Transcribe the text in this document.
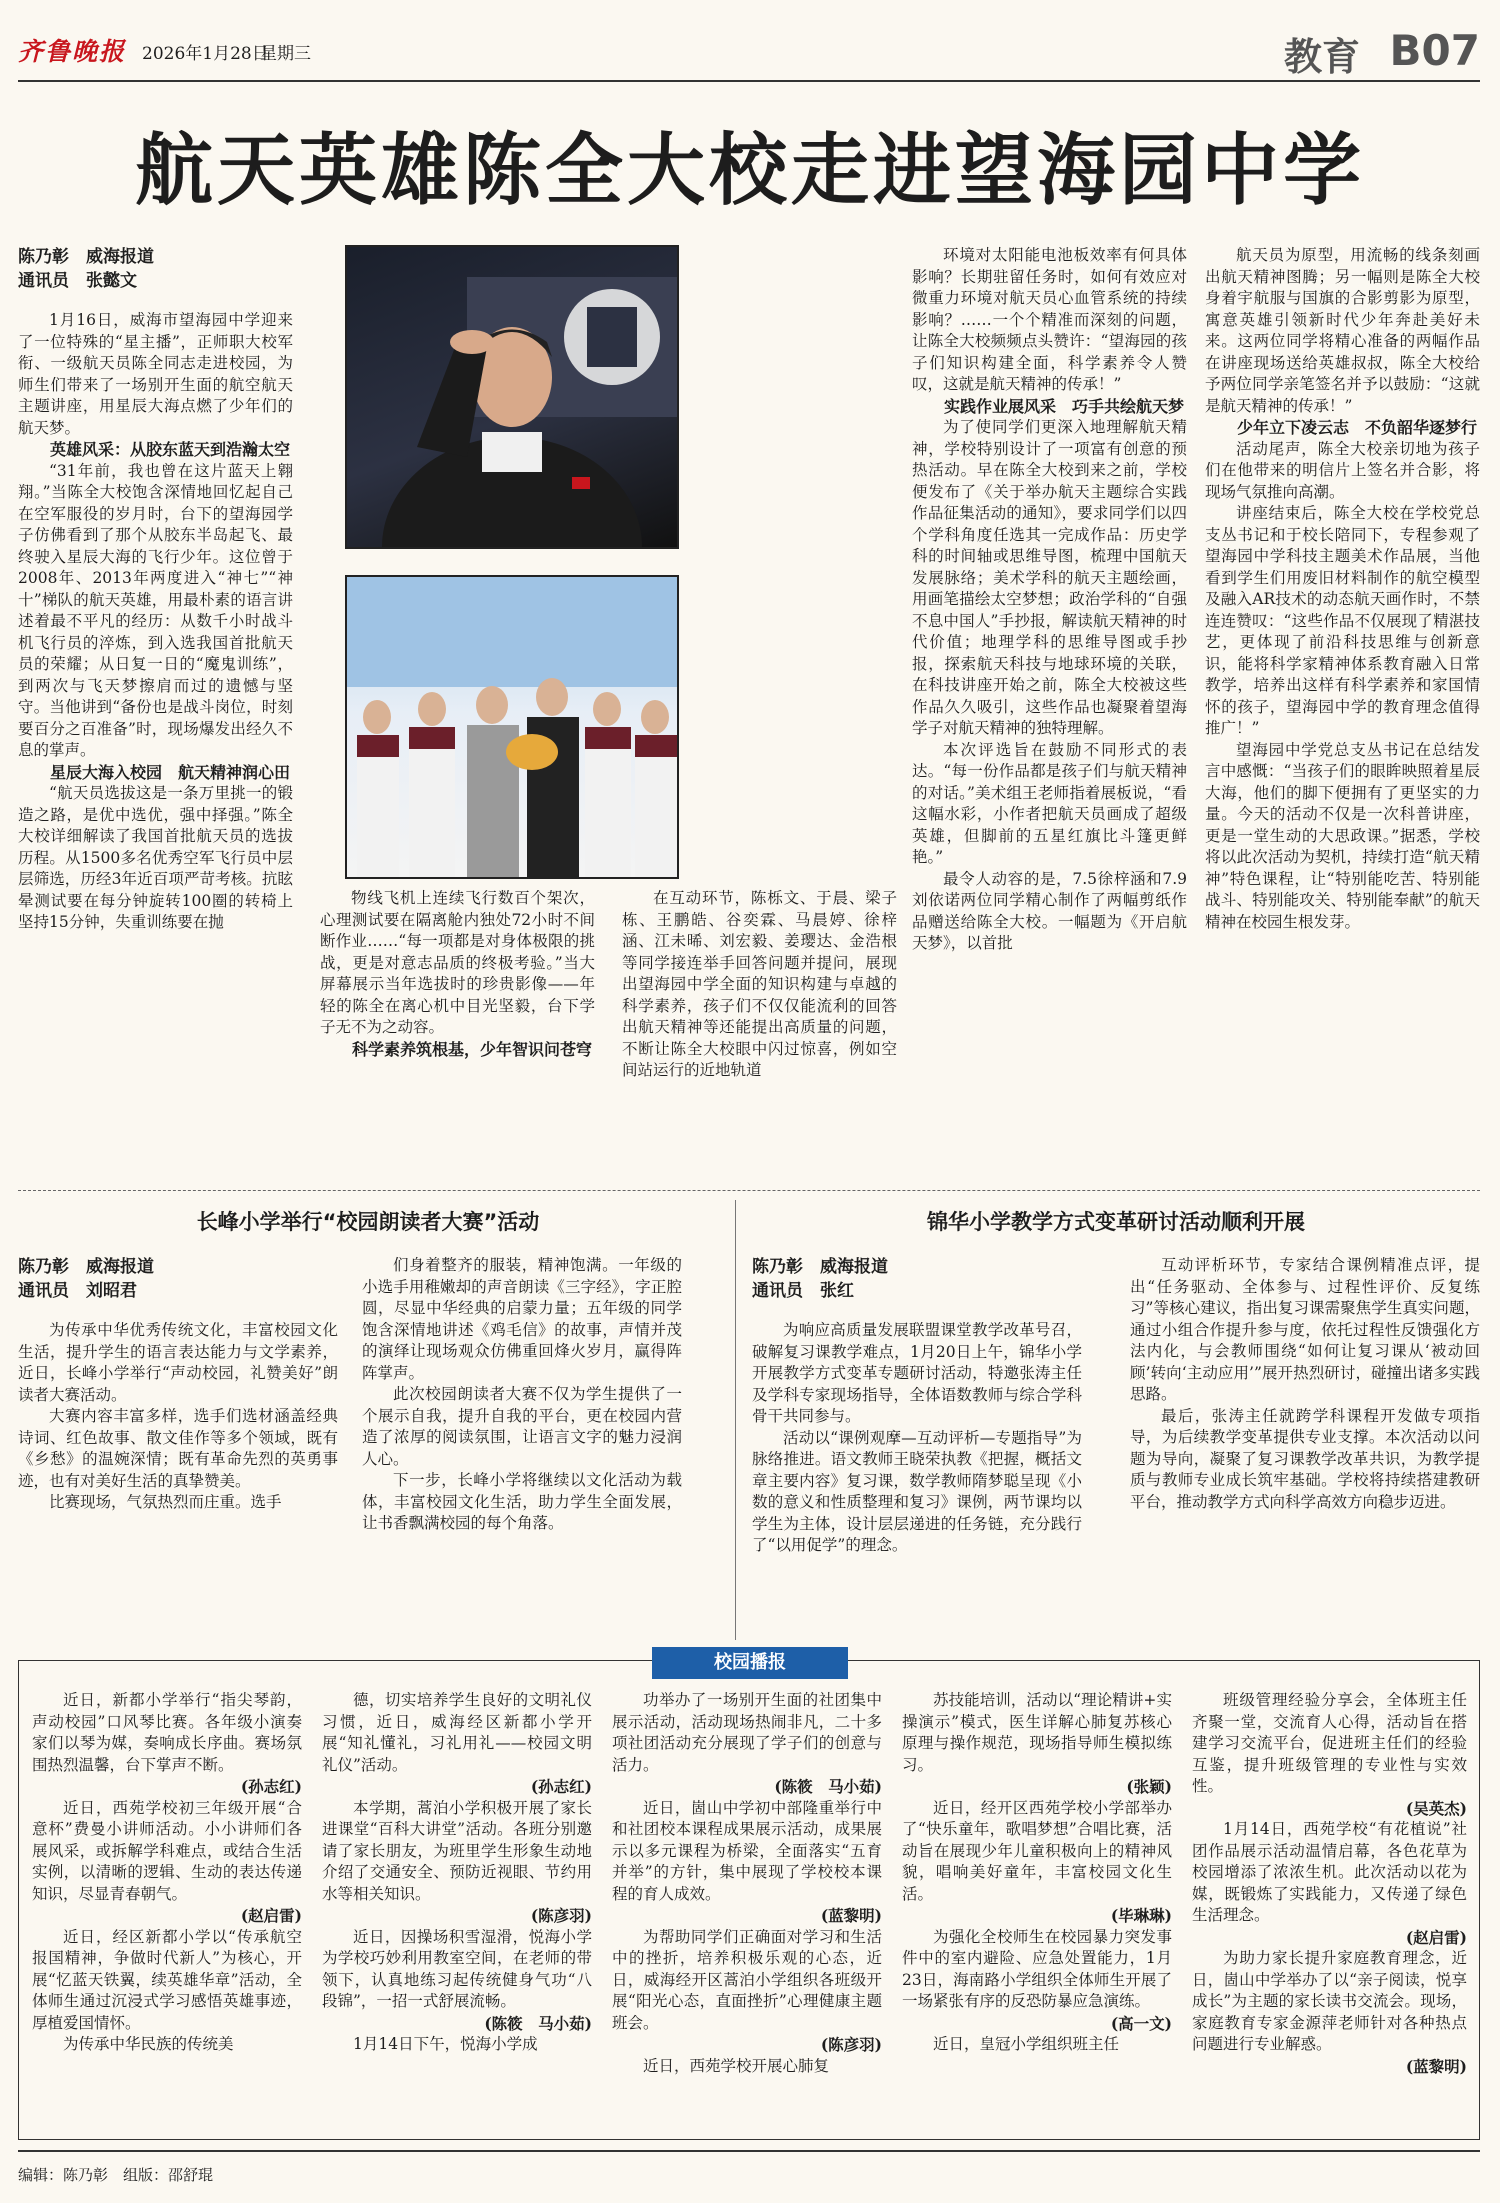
齐鲁晚报 2026年1月28日
星期三	教育 B07
航天英雄陈全大校走进望海园中学
陈乃彰　威海报道
通讯员　张懿文

1月16日，威海市望海园中学迎来了一位特殊的“星主播”，正师职大校军衔、一级航天员陈全同志走进校园，为师生们带来了一场别开生面的航空航天主题讲座，用星辰大海点燃了少年们的航天梦。

英雄风采：从胶东蓝天到浩瀚太空

“31年前，我也曾在这片蓝天上翱翔。”当陈全大校饱含深情地回忆起自己在空军服役的岁月时，台下的望海园学子仿佛看到了那个从胶东半岛起飞、最终驶入星辰大海的飞行少年。这位曾于2008年、2013年两度进入“神七”“神十”梯队的航天英雄，用最朴素的语言讲述着最不平凡的经历：从数千小时战斗机飞行员的淬炼，到入选我国首批航天员的荣耀；从日复一日的“魔鬼训练”，到两次与飞天梦擦肩而过的遗憾与坚守。当他讲到“备份也是战斗岗位，时刻要百分之百准备”时，现场爆发出经久不息的掌声。

星辰大海入校园　航天精神润心田

“航天员选拔这是一条万里挑一的锻造之路，是优中选优，强中择强。”陈全大校详细解读了我国首批航天员的选拔历程。从1500多名优秀空军飞行员中层层筛选，历经3年近百项严苛考核。抗眩晕测试要在每分钟旋转100圈的转椅上坚持15分钟，失重训练要在抛

物线飞机上连续飞行数百个架次，心理测试要在隔离舱内独处72小时不间断作业……“每一项都是对身体极限的挑战，更是对意志品质的终极考验。”当大屏幕展示当年选拔时的珍贵影像——年轻的陈全在离心机中目光坚毅，台下学子无不为之动容。

科学素养筑根基，少年智识问苍穹

在互动环节，陈栎文、于晨、梁子栋、王鹏皓、谷奕霖、马晨婷、徐梓涵、江未晞、刘宏毅、姜璎达、金浩根等同学接连举手回答问题并提问，展现出望海园中学全面的知识构建与卓越的科学素养，孩子们不仅仅能流利的回答出航天精神等还能提出高质量的问题，不断让陈全大校眼中闪过惊喜，例如空间站运行的近地轨道

环境对太阳能电池板效率有何具体影响？长期驻留任务时，如何有效应对微重力环境对航天员心血管系统的持续影响？……一个个精准而深刻的问题，让陈全大校频频点头赞许：“望海园的孩子们知识构建全面，科学素养令人赞叹，这就是航天精神的传承！”

实践作业展风采　巧手共绘航天梦

为了使同学们更深入地理解航天精神，学校特别设计了一项富有创意的预热活动。早在陈全大校到来之前，学校便发布了《关于举办航天主题综合实践作品征集活动的通知》，要求同学们以四个学科角度任选其一完成作品：历史学科的时间轴或思维导图，梳理中国航天发展脉络；美术学科的航天主题绘画，用画笔描绘太空梦想；政治学科的“自强不息中国人”手抄报，解读航天精神的时代价值；地理学科的思维导图或手抄报，探索航天科技与地球环境的关联，在科技讲座开始之前，陈全大校被这些作品久久吸引，这些作品也凝聚着望海学子对航天精神的独特理解。

本次评选旨在鼓励不同形式的表达。“每一份作品都是孩子们与航天精神的对话。”美术组王老师指着展板说，“看这幅水彩，小作者把航天员画成了超级英雄，但脚前的五星红旗比斗篷更鲜艳。”

最令人动容的是，7.5徐梓涵和7.9刘依诺两位同学精心制作了两幅剪纸作品赠送给陈全大校。一幅题为《开启航天梦》，以首批

航天员为原型，用流畅的线条刻画出航天精神图腾；另一幅则是陈全大校身着宇航服与国旗的合影剪影为原型，寓意英雄引领新时代少年奔赴美好未来。这两位同学将精心准备的两幅作品在讲座现场送给英雄叔叔，陈全大校给予两位同学亲笔签名并予以鼓励：“这就是航天精神的传承！”

少年立下凌云志　不负韶华逐梦行

活动尾声，陈全大校亲切地为孩子们在他带来的明信片上签名并合影，将现场气氛推向高潮。

讲座结束后，陈全大校在学校党总支丛书记和于校长陪同下，专程参观了望海园中学科技主题美术作品展，当他看到学生们用废旧材料制作的航空模型及融入AR技术的动态航天画作时，不禁连连赞叹：“这些作品不仅展现了精湛技艺，更体现了前沿科技思维与创新意识，能将科学家精神体系教育融入日常教学，培养出这样有科学素养和家国情怀的孩子，望海园中学的教育理念值得推广！”

望海园中学党总支丛书记在总结发言中感慨：“当孩子们的眼眸映照着星辰大海，他们的脚下便拥有了更坚实的力量。今天的活动不仅是一次科普讲座，更是一堂生动的大思政课。”据悉，学校将以此次活动为契机，持续打造“航天精神”特色课程，让“特别能吃苦、特别能战斗、特别能攻关、特别能奉献”的航天精神在校园生根发芽。

长峰小学举行“校园朗读者大赛”活动
陈乃彰　威海报道
通讯员　刘昭君

为传承中华优秀传统文化，丰富校园文化生活，提升学生的语言表达能力与文学素养，近日，长峰小学举行“声动校园，礼赞美好”朗读者大赛活动。

大赛内容丰富多样，选手们选材涵盖经典诗词、红色故事、散文佳作等多个领域，既有《乡愁》的温婉深情；既有革命先烈的英勇事迹，也有对美好生活的真挚赞美。

比赛现场，气氛热烈而庄重。选手

们身着整齐的服装，精神饱满。一年级的小选手用稚嫩却的声音朗读《三字经》，字正腔圆，尽显中华经典的启蒙力量；五年级的同学饱含深情地讲述《鸡毛信》的故事，声情并茂的演绎让现场观众仿佛重回烽火岁月，赢得阵阵掌声。

此次校园朗读者大赛不仅为学生提供了一个展示自我，提升自我的平台，更在校园内营造了浓厚的阅读氛围，让语言文字的魅力浸润人心。

下一步，长峰小学将继续以文化活动为载体，丰富校园文化生活，助力学生全面发展，让书香飘满校园的每个角落。

锦华小学教学方式变革研讨活动顺利开展
陈乃彰　威海报道
通讯员　张红

为响应高质量发展联盟课堂教学改革号召，破解复习课教学难点，1月20日上午，锦华小学开展教学方式变革专题研讨活动，特邀张涛主任及学科专家现场指导，全体语数教师与综合学科骨干共同参与。

活动以“课例观摩—互动评析—专题指导”为脉络推进。语文教师王晓荣执教《把握，概括文章主要内容》复习课，数学教师隋梦聪呈现《小数的意义和性质整理和复习》课例，两节课均以学生为主体，设计层层递进的任务链，充分践行了“以用促学”的理念。

互动评析环节，专家结合课例精准点评，提出“任务驱动、全体参与、过程性评价、反复练习”等核心建议，指出复习课需聚焦学生真实问题，通过小组合作提升参与度，依托过程性反馈强化方法内化，与会教师围绕“如何让复习课从‘被动回顾’转向‘主动应用’”展开热烈研讨，碰撞出诸多实践思路。

最后，张涛主任就跨学科课程开发做专项指导，为后续教学变革提供专业支撑。本次活动以问题为导向，凝聚了复习课教学改革共识，为教学提质与教师专业成长筑牢基础。学校将持续搭建教研平台，推动教学方式向科学高效方向稳步迈进。

校园播报

近日，新都小学举行“指尖琴韵，声动校园”口风琴比赛。各年级小演奏家们以琴为媒，奏响成长序曲。赛场氛围热烈温馨，台下掌声不断。
(孙志红)

近日，西苑学校初三年级开展“合意杯”费曼小讲师活动。小小讲师们各展风采，或拆解学科难点，或结合生活实例，以清晰的逻辑、生动的表达传递知识，尽显青春朝气。
(赵启雷)

近日，经区新都小学以“传承航空报国精神，争做时代新人”为核心，开展“忆蓝天铁翼，续英雄华章”活动，全体师生通过沉浸式学习感悟英雄事迹，厚植爱国情怀。

为传承中华民族的传统美

德，切实培养学生良好的文明礼仪习惯，近日，威海经区新都小学开展“知礼懂礼，习礼用礼——校园文明礼仪”活动。
(孙志红)

本学期，蒿泊小学积极开展了家长进课堂“百科大讲堂”活动。各班分别邀请了家长朋友，为班里学生形象生动地介绍了交通安全、预防近视眼、节约用水等相关知识。
(陈彦羽)

近日，因操场积雪湿滑，悦海小学为学校巧妙利用教室空间，在老师的带领下，认真地练习起传统健身气功“八段锦”，一招一式舒展流畅。
(陈筱　马小茹)

1月14日下午，悦海小学成

功举办了一场别开生面的社团集中展示活动，活动现场热闹非凡，二十多项社团活动充分展现了学子们的创意与活力。
(陈筱　马小茹)

近日，崮山中学初中部隆重举行中和社团校本课程成果展示活动，成果展示以多元课程为桥梁，全面落实“五育并举”的方针，集中展现了学校校本课程的育人成效。
(蓝黎明)

为帮助同学们正确面对学习和生活中的挫折，培养积极乐观的心态，近日，威海经开区蒿泊小学组织各班级开展“阳光心态，直面挫折”心理健康主题班会。
(陈彦羽)

近日，西苑学校开展心肺复

苏技能培训，活动以“理论精讲+实操演示”模式，医生详解心肺复苏核心原理与操作规范，现场指导师生模拟练习。
(张颖)

近日，经开区西苑学校小学部举办了“快乐童年，歌唱梦想”合唱比赛，活动旨在展现少年儿童积极向上的精神风貌，唱响美好童年，丰富校园文化生活。
(毕琳琳)

为强化全校师生在校园暴力突发事件中的室内避险、应急处置能力，1月23日，海南路小学组织全体师生开展了一场紧张有序的反恐防暴应急演练。
(高一文)

近日，皇冠小学组织班主任

班级管理经验分享会，全体班主任齐聚一堂，交流育人心得，活动旨在搭建学习交流平台，促进班主任们的经验互鉴，提升班级管理的专业性与实效性。
(吴英杰)

1月14日，西苑学校“有花植说”社团作品展示活动温情启幕，各色花草为校园增添了浓浓生机。此次活动以花为媒，既锻炼了实践能力，又传递了绿色生活理念。
(赵启雷)

为助力家长提升家庭教育理念，近日，崮山中学举办了以“亲子阅读，悦享成长”为主题的家长读书交流会。现场，家庭教育专家金源萍老师针对各种热点问题进行专业解惑。
(蓝黎明)

编辑：陈乃彰　组版：邵舒琨
